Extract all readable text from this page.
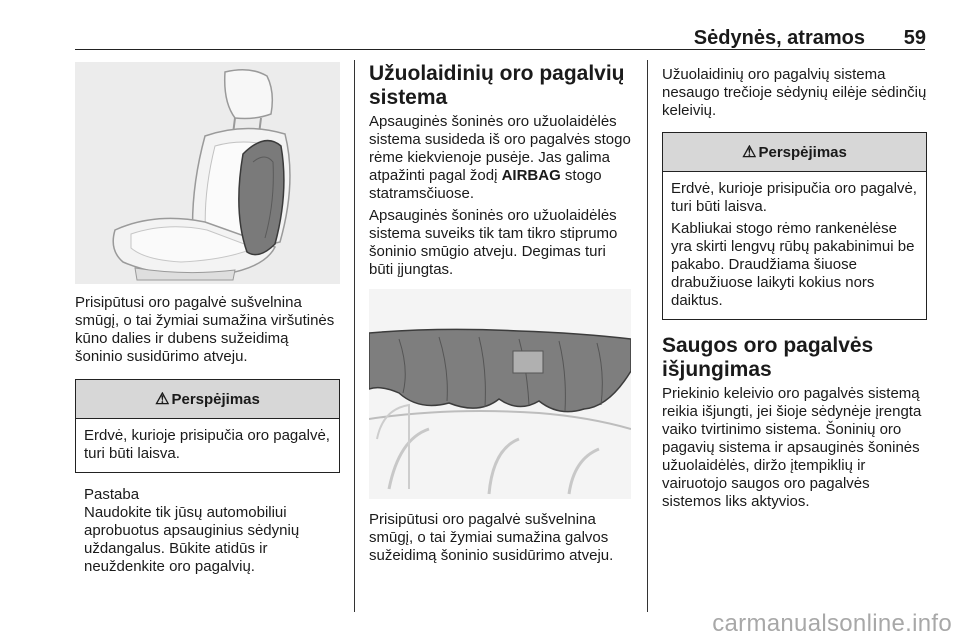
Sėdynės, atramos 59

Prisipūtusi oro pagalvė sušvelnina smūgį, o tai žymiai sumažina viršutinės kūno dalies ir dubens sužeidimą šoninio susidūrimo atveju.

⚠ Perspėjimas

Erdvė, kurioje prisipučia oro pagalvė, turi būti laisva.

Pastaba

Naudokite tik jūsų automobiliui aprobuotus apsauginius sėdynių uždangalus. Būkite atidūs ir neuždenkite oro pagalvių.

Užuolaidinių oro pagalvių sistema

Apsauginės šoninės oro užuolaidėlės sistema susideda iš oro pagalvės stogo rėme kiekvienoje pusėje. Jas galima atpažinti pagal žodį AIRBAG stogo statramsčiuose.

Apsauginės šoninės oro užuolaidėlės sistema suveiks tik tam tikro stiprumo šoninio smūgio atveju. Degimas turi būti įjungtas.

Prisipūtusi oro pagalvė sušvelnina smūgį, o tai žymiai sumažina galvos sužeidimą šoninio susidūrimo atveju.

Užuolaidinių oro pagalvių sistema nesaugo trečioje sėdynių eilėje sėdinčių keleivių.

⚠ Perspėjimas

Erdvė, kurioje prisipučia oro pagalvė, turi būti laisva.

Kabliukai stogo rėmo rankenėlėse yra skirti lengvų rūbų pakabinimui be pakabo. Draudžiama šiuose drabužiuose laikyti kokius nors daiktus.

Saugos oro pagalvės išjungimas

Priekinio keleivio oro pagalvės sistemą reikia išjungti, jei šioje sėdynėje įrengta vaiko tvirtinimo sistema. Šoninių oro pagavių sistema ir apsauginės šoninės užuolaidėlės, diržo įtempiklių ir vairuotojo saugos oro pagalvės sistemos liks aktyvios.

carmanualsonline.info
